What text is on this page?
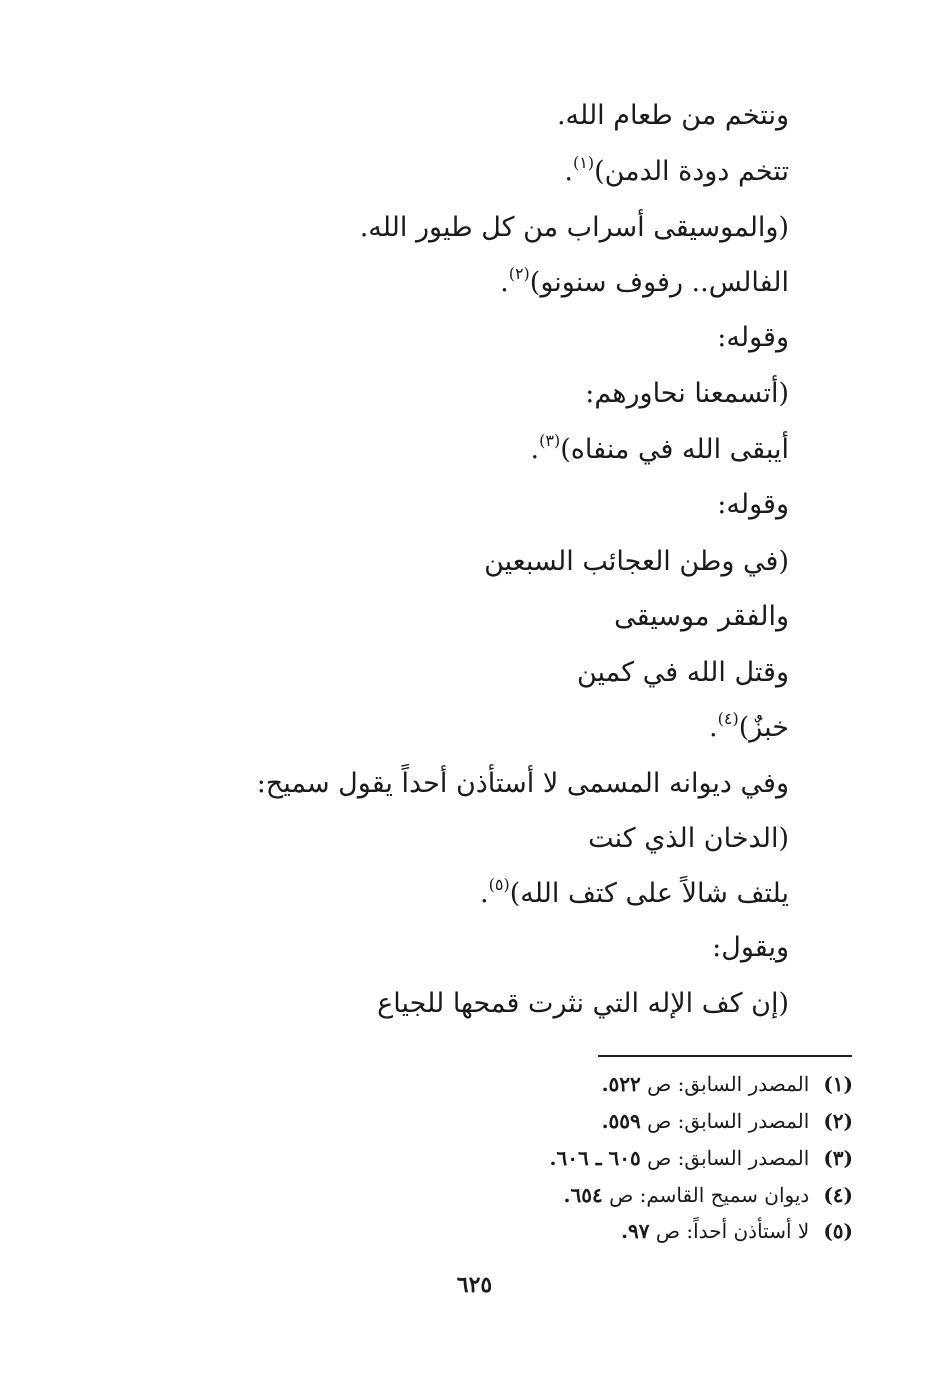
ونتخم من طعام الله.
تتخم دودة الدمن)$^{(١)}$.
(والموسيقى أسراب من كل طيور الله.
الفالس.. رفوف سنونو)$^{(٢)}$.
وقوله:
(أتسمعنا نحاورهم:
أيبقى الله في منفاه)$^{(٣)}$.
وقوله:
(في وطن العجائب السبعين
والفقر موسيقى
وقتل الله في كمين
خبزٌ)$^{(٤)}$.
وفي ديوانه المسمى لا أستأذن أحداً يقول سميح:
(الدخان الذي كنت
يلتف شالاً على كتف الله)$^{(٥)}$.
ويقول:
(إن كف الإله التي نثرت قمحها للجياع
(١)المصدر السابق: ص ٥٢٢.
(٢)المصدر السابق: ص ٥٥٩.
(٣)المصدر السابق: ص ٦٠٥ ـ ٦٠٦.
(٤)ديوان سميح القاسم: ص ٦٥٤.
(٥)لا أستأذن أحداً: ص ٩٧.
٦٢٥
